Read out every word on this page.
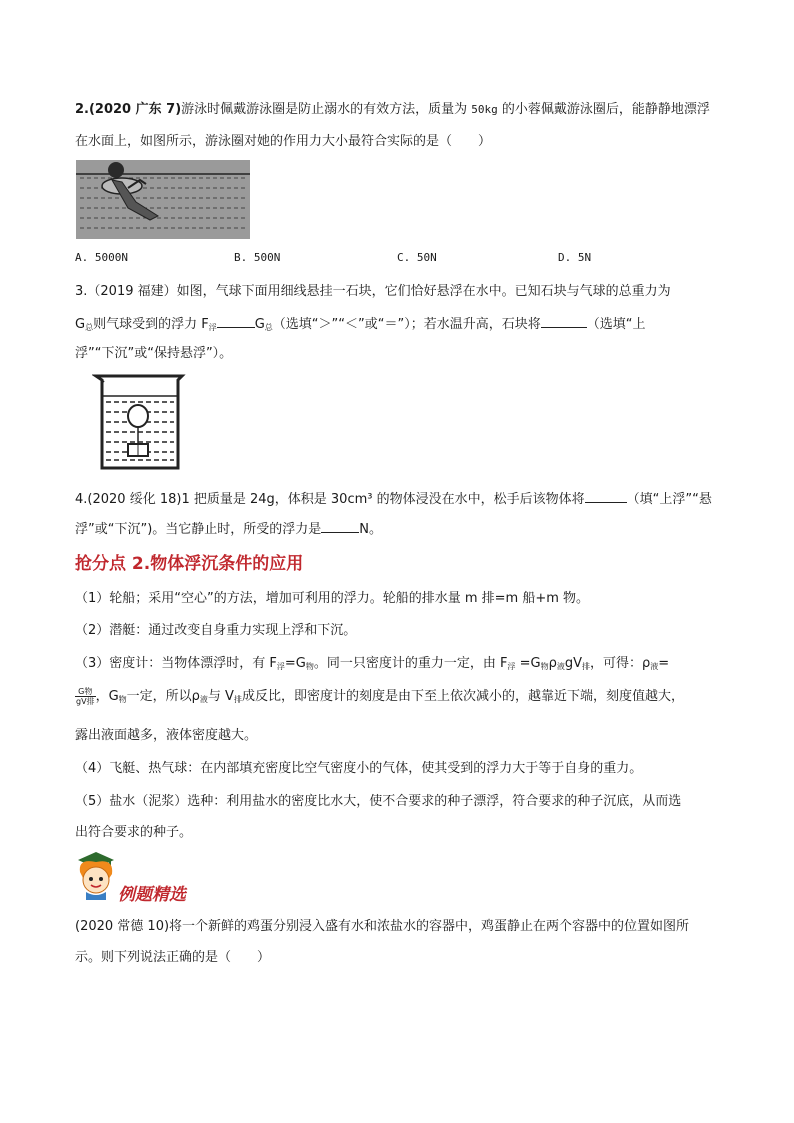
2.(2020 广东 7)游泳时佩戴游泳圈是防止溺水的有效方法，质量为 50kg 的小蓉佩戴游泳圈后，能静静地漂浮
在水面上，如图所示，游泳圈对她的作用力大小最符合实际的是（　　）
A. 5000N	B. 500N	C. 50N	D. 5N
3.（2019 福建）如图，气球下面用细线悬挂一石块，它们恰好悬浮在水中。已知石块与气球的总重力为
$G_总$则气球受到的浮力 $F_浮$	$G_总$（选填“＞”“＜”或“＝”）；若水温升高，石块将	（选填“上
浮”“下沉”或“保持悬浮”）。
4.(2020 绥化 18)1 把质量是 24g，体积是 30cm³ 的物体浸没在水中，松手后该物体将	（填“上浮”“悬
浮”或“下沉”)。当它静止时，所受的浮力是	N。
抢分点 2.物体浮沉条件的应用
（1）轮船；采用“空心”的方法，增加可利用的浮力。轮船的排水量 m 排=m 船+m 物。
（2）潜艇：通过改变自身重力实现上浮和下沉。
（3）密度计：当物体漂浮时，有 $F_浮=G_物$。同一只密度计的重力一定，由 $F_浮 =G_物\rho_液gV_排$，可得：$\rho_液=$
$\frac{\text{G物}}{\text{gV排}}$ ，$G_物$一定，所以$\rho_液$与 $V_排$成反比，即密度计的刻度是由下至上依次减小的，越靠近下端，刻度值越大，
露出液面越多，液体密度越大。
（4）飞艇、热气球：在内部填充密度比空气密度小的气体，使其受到的浮力大于等于自身的重力。
（5）盐水（泥浆）选种：利用盐水的密度比水大，使不合要求的种子漂浮，符合要求的种子沉底，从而选
出符合要求的种子。
例题精选
(2020 常德 10)将一个新鲜的鸡蛋分别浸入盛有水和浓盐水的容器中，鸡蛋静止在两个容器中的位置如图所
示。则下列说法正确的是（　　）
